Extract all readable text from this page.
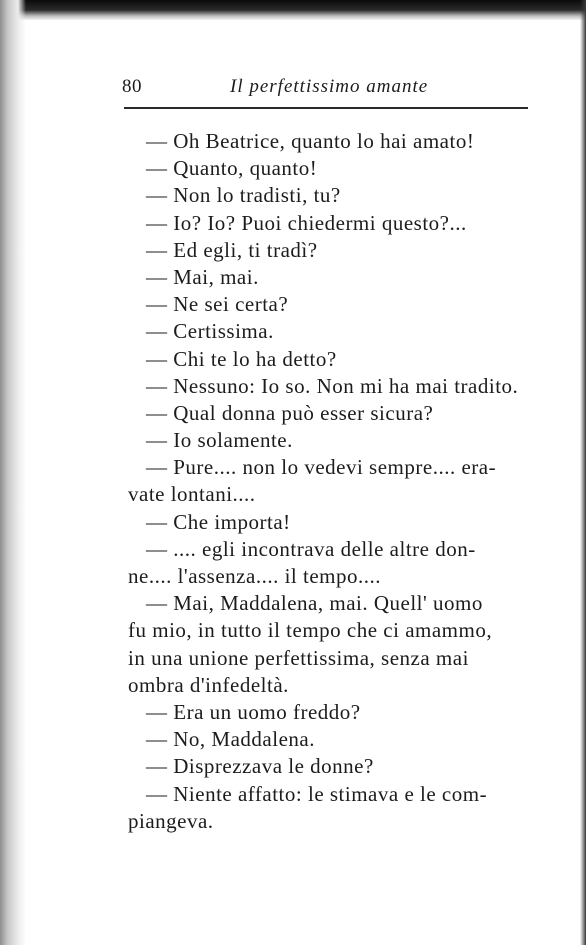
80	Il perfettissimo amante
— Oh Beatrice, quanto lo hai amato!
— Quanto, quanto!
— Non lo tradisti, tu?
— Io? Io? Puoi chiedermi questo?...
— Ed egli, ti tradì?
— Mai, mai.
— Ne sei certa?
— Certissima.
— Chi te lo ha detto?
— Nessuno: Io so. Non mi ha mai tradito.
— Qual donna può esser sicura?
— Io solamente.
— Pure.... non lo vedevi sempre.... era-
vate lontani....
— Che importa!
— .... egli incontrava delle altre don-
ne.... l'assenza.... il tempo....
— Mai, Maddalena, mai. Quell' uomo
fu mio, in tutto il tempo che ci amammo,
in una unione perfettissima, senza mai
ombra d'infedeltà.
— Era un uomo freddo?
— No, Maddalena.
— Disprezzava le donne?
— Niente affatto: le stimava e le com-
piangeva.
